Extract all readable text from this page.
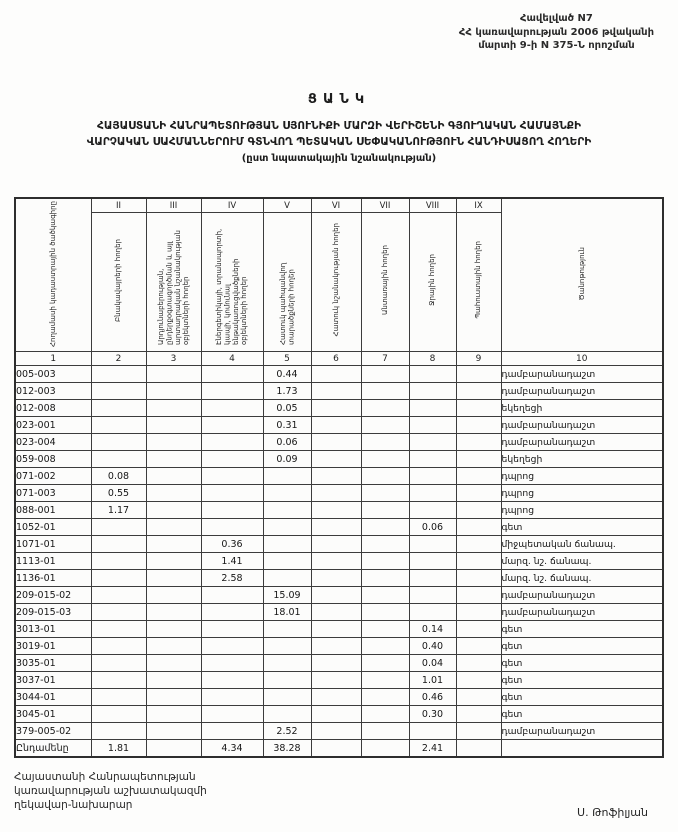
Հավելված N7
ՀՀ կառավարության 2006 թվականի
մարտի 9-ի N 375-Ն որոշման
ՑԱՆԿ
ՀԱՅԱՍՏԱՆԻ ՀԱՆՐԱՊԵՏՈՒԹՅԱՆ ՍՅՈՒՆԻՔԻ ՄԱՐԶԻ ՎԵՐԻՇԵՆԻ ԳՅՈՒՂԱԿԱՆ ՀԱՄԱՅՆՔԻ
ՎԱՐՉԱԿԱՆ ՍԱՀՄԱՆՆԵՐՈՒՄ ԳՏՆՎՈՂ ՊԵՏԱԿԱՆ ՍԵՓԱԿԱՆՈՒԹՅՈՒՆ ՀԱՆԴԻՍԱՑՈՂ ՀՈՂԵՐԻ
(ըստ նպատակային նշանակության)
Հողամասի կադաստրային ծածկագիրը	II	III	IV	V	VI	VII	VIII	IX	Ծանոթություն
	Բնակավայրերի հողեր	Արդյունաբերության, ընդերքօգտագործման և այլ արտադրական նշանակության օբյեկտների հողեր	Էներգետիկայի, տրանսպորտի, կապի, կոմունալ ենթակառուցվածքների օբյեկտների հողեր	Հատուկ պահպանվող տարածքների հողեր	Հատուկ նշանակության հողեր	Անտառային հողեր	Ջրային հողեր	Պահուստային հողեր	
1	2	3	4	5	6	7	8	9	10
005-003				0.44					դամբարանադաշտ
012-003				1.73					դամբարանադաշտ
012-008				0.05					եկեղեցի
023-001				0.31					դամբարանադաշտ
023-004				0.06					դամբարանադաշտ
059-008				0.09					եկեղեցի
071-002	0.08								դպրոց
071-003	0.55								դպրոց
088-001	1.17								դպրոց
1052-01							0.06		գետ
1071-01			0.36						միջպետական ճանապ.
1113-01			1.41						մարզ. նշ. ճանապ.
1136-01			2.58						մարզ. նշ. ճանապ.
209-015-02				15.09					դամբարանադաշտ
209-015-03				18.01					դամբարանադաշտ
3013-01							0.14		գետ
3019-01							0.40		գետ
3035-01							0.04		գետ
3037-01							1.01		գետ
3044-01							0.46		գետ
3045-01							0.30		գետ
379-005-02				2.52					դամբարանադաշտ
Ընդամենը	1.81		4.34	38.28			2.41		
Հայաստանի Հանրապետության
կառավարության աշխատակազմի
ղեկավար-նախարար
Ս. Թոֆիլյան
